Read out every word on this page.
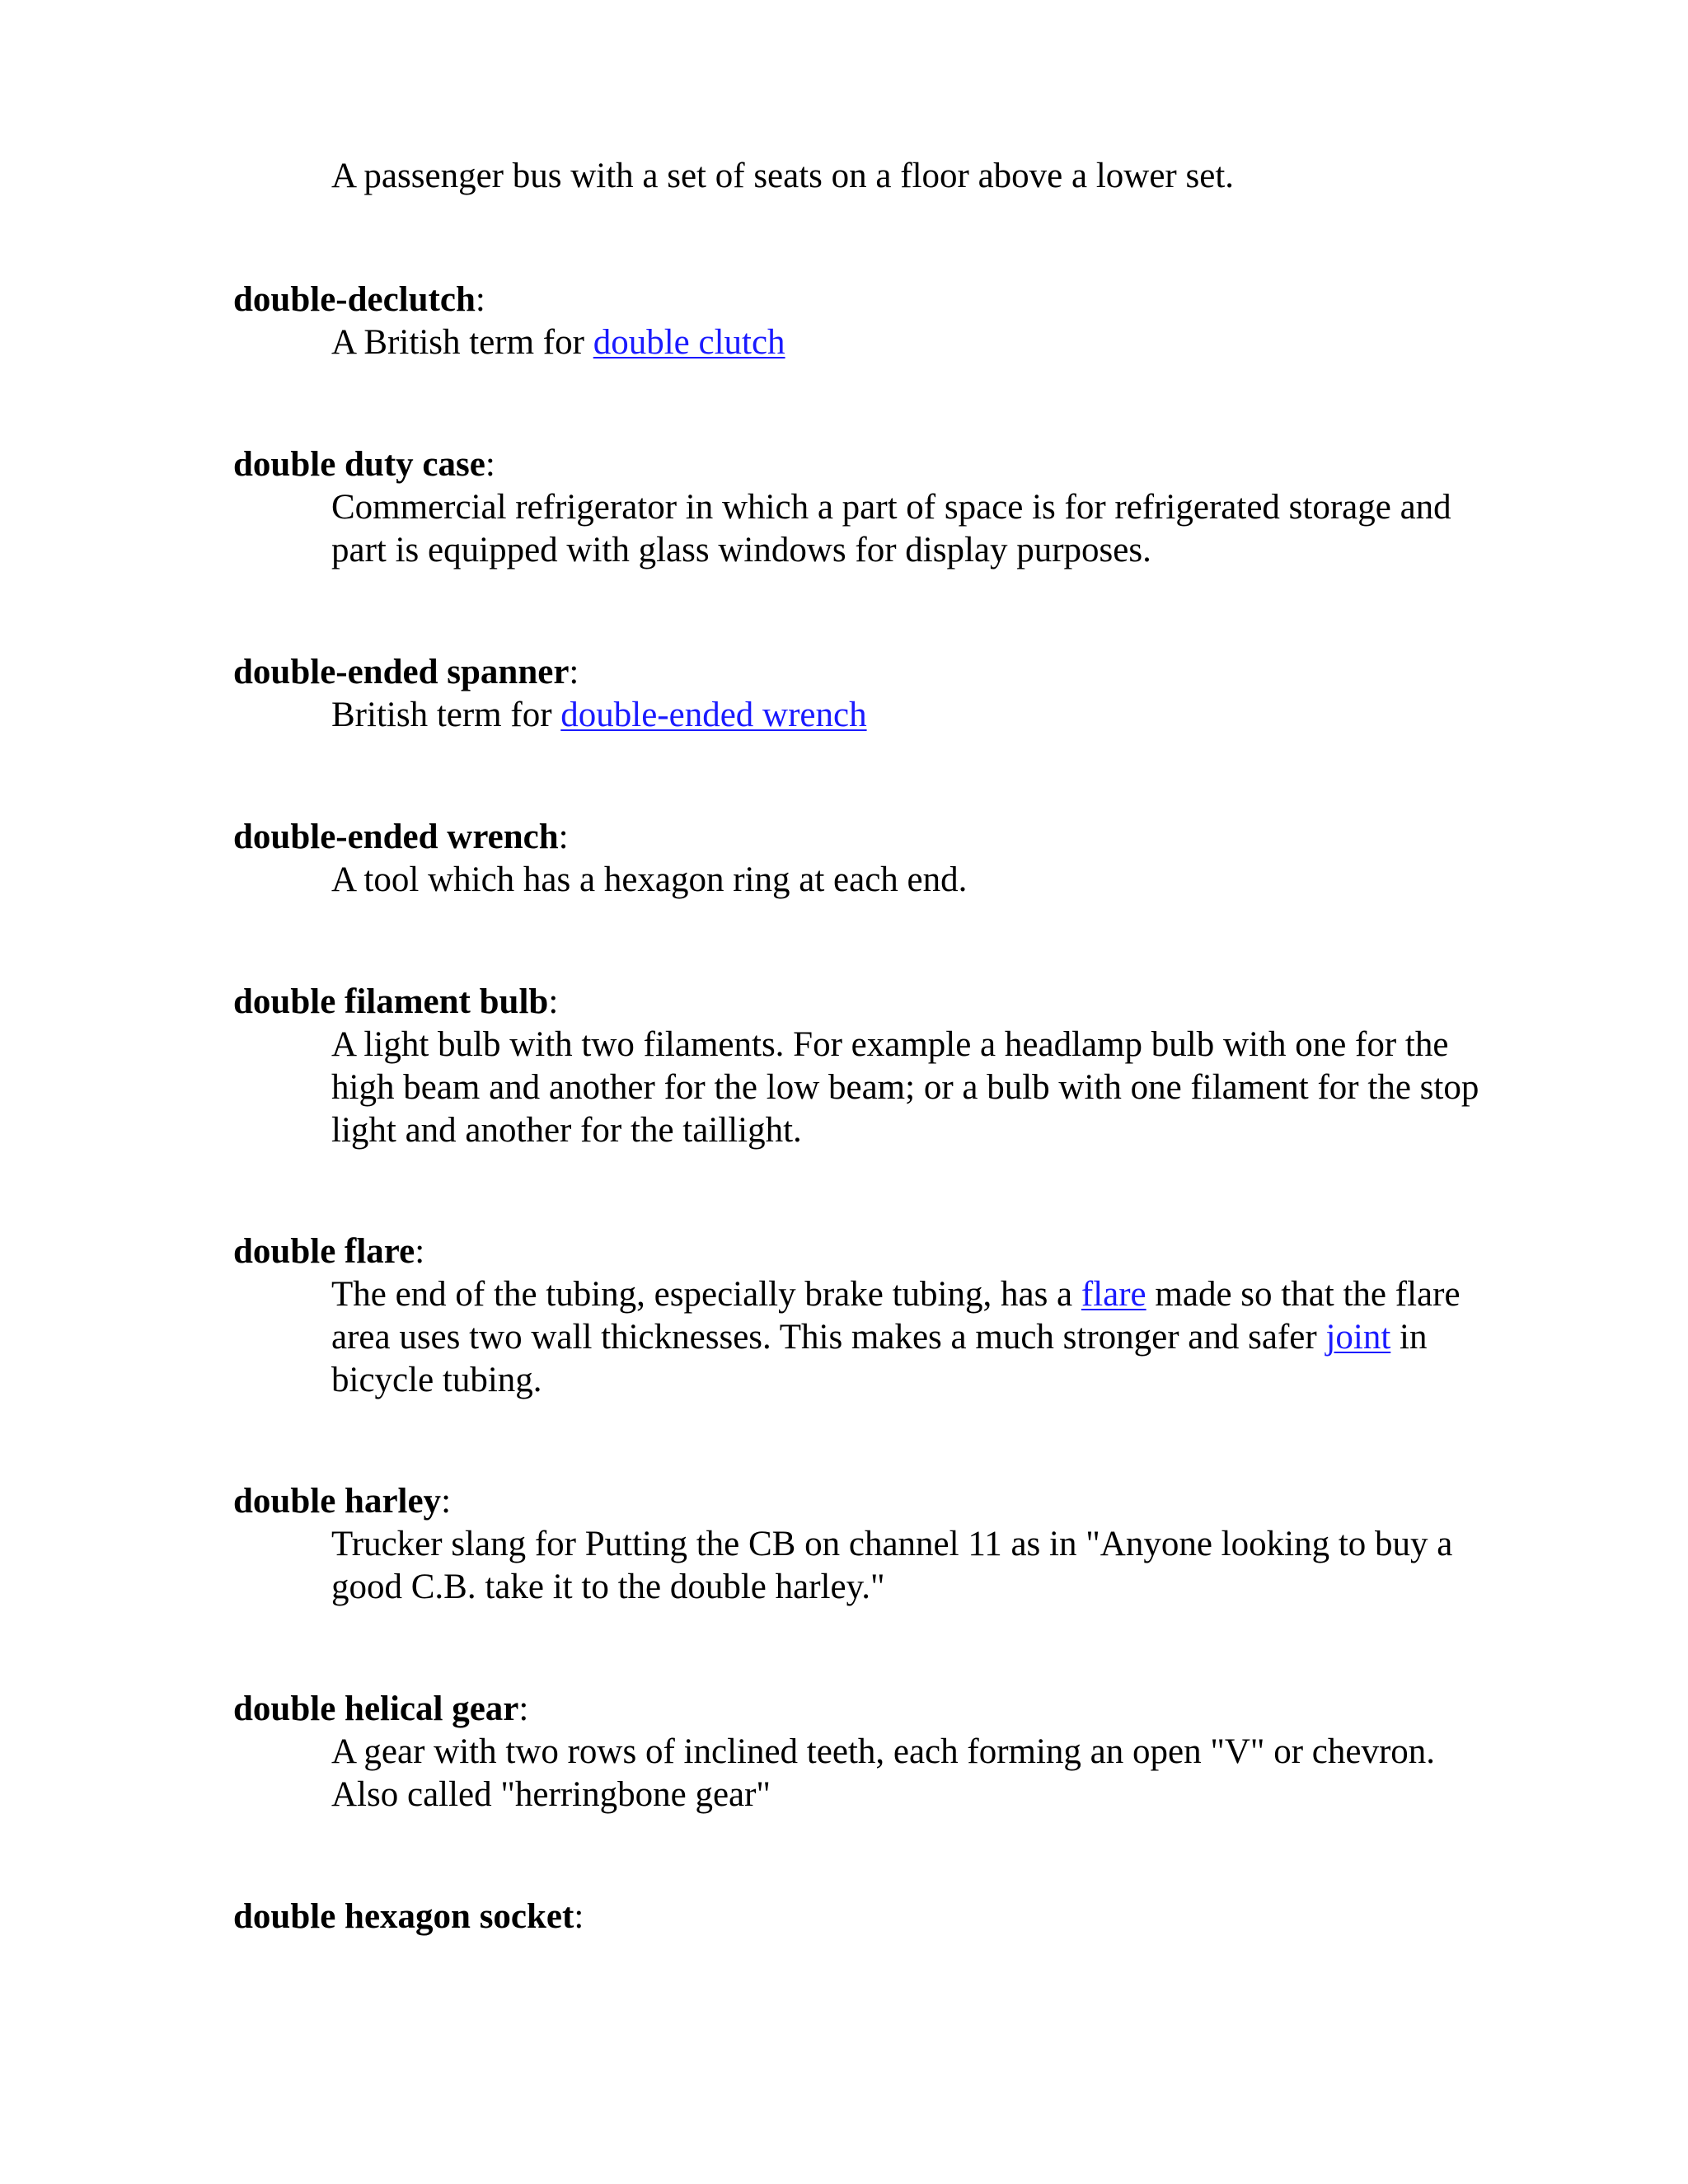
A passenger bus with a set of seats on a floor above a lower set.

double-declutch:

A British term for double clutch

double duty case:

Commercial refrigerator in which a part of space is for refrigerated storage and part is equipped with glass windows for display purposes.

double-ended spanner:

British term for double-ended wrench

double-ended wrench:

A tool which has a hexagon ring at each end.

double filament bulb:

A light bulb with two filaments. For example a headlamp bulb with one for the high beam and another for the low beam; or a bulb with one filament for the stop light and another for the taillight.

double flare:

The end of the tubing, especially brake tubing, has a flare made so that the flare area uses two wall thicknesses. This makes a much stronger and safer joint in bicycle tubing.

double harley:

Trucker slang for Putting the CB on channel 11 as in "Anyone looking to buy a good C.B. take it to the double harley."

double helical gear:

A gear with two rows of inclined teeth, each forming an open "V" or chevron. Also called "herringbone gear"

double hexagon socket:
